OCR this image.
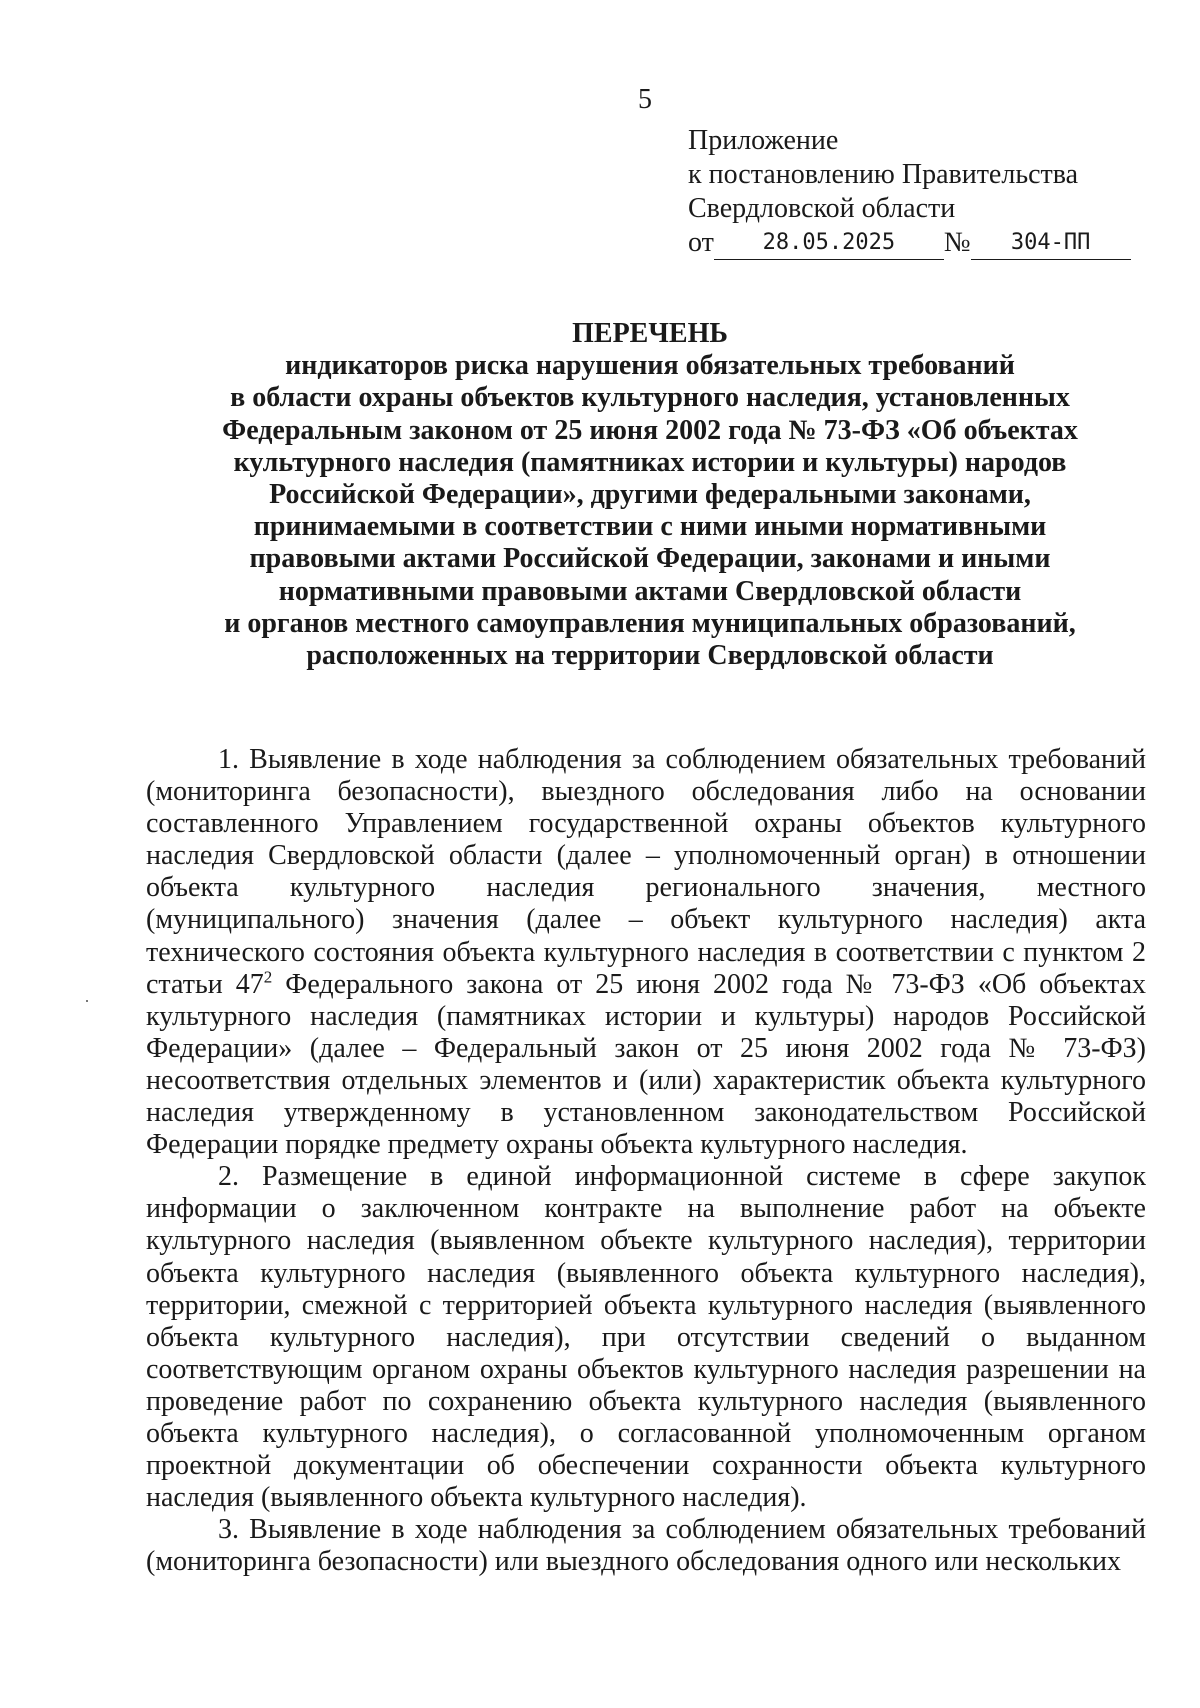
5
Приложение
к постановлению Правительства
Свердловской области
от	28.05.2025	№	304-ПП
ПЕРЕЧЕНЬ
индикаторов риска нарушения обязательных требований
в области охраны объектов культурного наследия, установленных
Федеральным законом от 25 июня 2002 года № 73-ФЗ «Об объектах
культурного наследия (памятниках истории и культуры) народов
Российской Федерации», другими федеральными законами,
принимаемыми в соответствии с ними иными нормативными
правовыми актами Российской Федерации, законами и иными
нормативными правовыми актами Свердловской области
и органов местного самоуправления муниципальных образований,
расположенных на территории Свердловской области

1. Выявление в ходе наблюдения за соблюдением обязательных требований (мониторинга безопасности), выездного обследования либо на основании составленного Управлением государственной охраны объектов культурного наследия Свердловской области (далее – уполномоченный орган) в отношении объекта культурного наследия регионального значения, местного (муниципального) значения (далее – объект культурного наследия) акта технического состояния объекта культурного наследия в соответствии с пунктом 2 статьи $47^2$ Федерального закона от 25 июня 2002 года № 73-ФЗ «Об объектах культурного наследия (памятниках истории и культуры) народов Российской Федерации» (далее – Федеральный закон от 25 июня 2002 года № 73-ФЗ) несоответствия отдельных элементов и (или) характеристик объекта культурного наследия утвержденному в установленном законодательством Российской Федерации порядке предмету охраны объекта культурного наследия.

2. Размещение в единой информационной системе в сфере закупок информации о заключенном контракте на выполнение работ на объекте культурного наследия (выявленном объекте культурного наследия), территории объекта культурного наследия (выявленного объекта культурного наследия), территории, смежной с территорией объекта культурного наследия (выявленного объекта культурного наследия), при отсутствии сведений о выданном соответствующим органом охраны объектов культурного наследия разрешении на проведение работ по сохранению объекта культурного наследия (выявленного объекта культурного наследия), о согласованной уполномоченным органом проектной документации об обеспечении сохранности объекта культурного наследия (выявленного объекта культурного наследия).

3. Выявление в ходе наблюдения за соблюдением обязательных требований (мониторинга безопасности) или выездного обследования одного или нескольких
